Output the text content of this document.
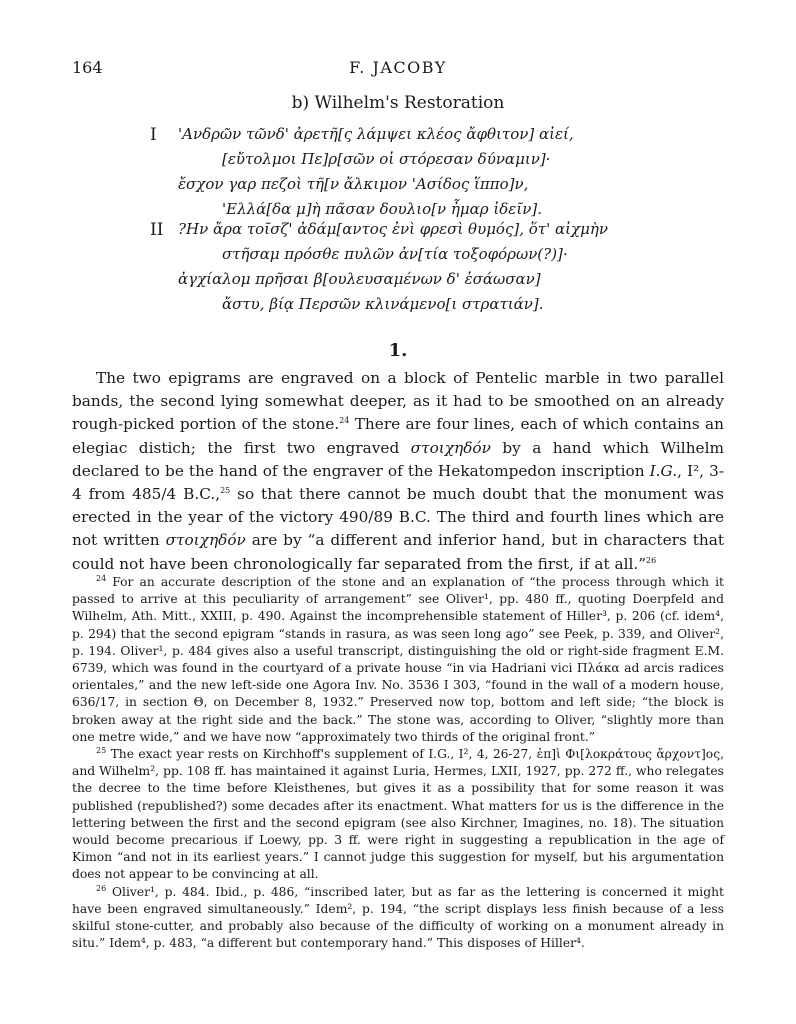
164	F. JACOBY
b) Wilhelm's Restoration
I 'Ανδρῶν τῶνδ' ἀρετῆ[ς λάμψει κλέος ἄφθιτον] αἰεί,
[εὔτολμοι Πε]ρ[σῶν οἱ στόρεσαν δύναμιν]·
ἔσχον γαρ πεζοὶ τῆ[ν ἄλκιμον 'Ασίδος ἵππο]ν,
'Ελλά[δα μ]ὴ πᾶσαν δουλιο[ν ἦμαρ ἰδεῖν].
II ?Ην ἄρα τοῖσζ' ἀδάμ[αντος ἐνὶ φρεσὶ θυμός], ὅτ' αἰχμὴν
στῆσαμ πρόσθε πυλῶν ἀν[τία τοξοφόρων(?)]·
ἀγχίαλομ πρῆσαι β[ουλευσαμένων δ' ἐσάωσαν]
ἄστυ, βίᾳ Περσῶν κλινάμενο[ι στρατιάν].
1.

The two epigrams are engraved on a block of Pentelic marble in two parallel bands, the second lying somewhat deeper, as it had to be smoothed on an already rough-picked portion of the stone.$^{24}$ There are four lines, each of which contains an elegiac distich; the first two engraved στοιχηδόν by a hand which Wilhelm declared to be the hand of the engraver of the Hekatompedon inscription I.G., I², 3-4 from 485/4 B.C.,$^{25}$ so that there cannot be much doubt that the monument was erected in the year of the victory 490/89 B.C. The third and fourth lines which are not written στοιχηδόν are by “a different and inferior hand, but in characters that could not have been chronologically far separated from the first, if at all.”$^{26}$

$^{24}$ For an accurate description of the stone and an explanation of “the process through which it passed to arrive at this peculiarity of arrangement” see Oliver¹, pp. 480 ff., quoting Doerpfeld and Wilhelm, Ath. Mitt., XXIII, p. 490. Against the incomprehensible statement of Hiller³, p. 206 (cf. idem⁴, p. 294) that the second epigram “stands in rasura, as was seen long ago” see Peek, p. 339, and Oliver², p. 194. Oliver¹, p. 484 gives also a useful transcript, distinguishing the old or right-side fragment E.M. 6739, which was found in the courtyard of a private house “in via Hadriani vici Πλάκα ad arcis radices orientales,” and the new left-side one Agora Inv. No. 3536 I 303, “found in the wall of a modern house, 636/17, in section Θ, on December 8, 1932.” Preserved now top, bottom and left side; “the block is broken away at the right side and the back.” The stone was, according to Oliver, “slightly more than one metre wide,” and we have now “approximately two thirds of the original front.”

$^{25}$ The exact year rests on Kirchhoff's supplement of I.G., I², 4, 26-27, ἐπ]ὶ Φι[λοκράτους ἄρχοντ]ος, and Wilhelm², pp. 108 ff. has maintained it against Luria, Hermes, LXII, 1927, pp. 272 ff., who relegates the decree to the time before Kleisthenes, but gives it as a possibility that for some reason it was published (republished?) some decades after its enactment. What matters for us is the difference in the lettering between the first and the second epigram (see also Kirchner, Imagines, no. 18). The situation would become precarious if Loewy, pp. 3 ff. were right in suggesting a republication in the age of Kimon “and not in its earliest years.” I cannot judge this suggestion for myself, but his argumentation does not appear to be convincing at all.

$^{26}$ Oliver¹, p. 484. Ibid., p. 486, “inscribed later, but as far as the lettering is concerned it might have been engraved simultaneously.” Idem², p. 194, “the script displays less finish because of a less skilful stone-cutter, and probably also because of the difficulty of working on a monument already in situ.” Idem⁴, p. 483, “a different but contemporary hand.” This disposes of Hiller⁴.
